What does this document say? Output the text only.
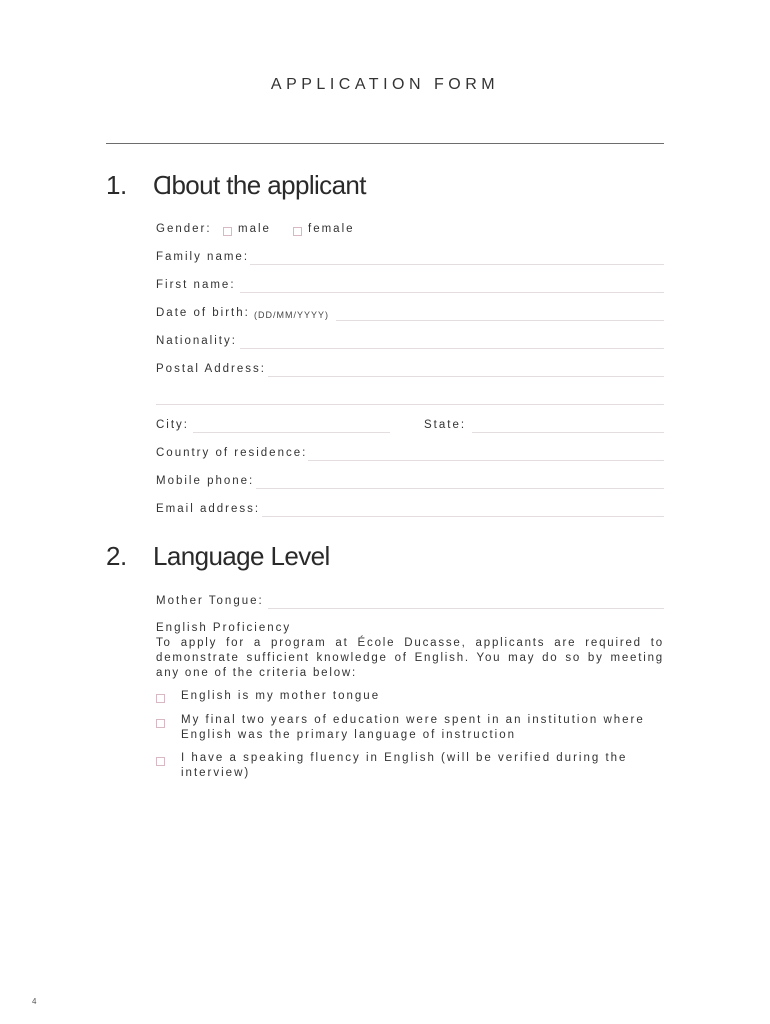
APPLICATION FORM
1. Ɑbout the applicant
Gender: male	female
Family name:
First name:
Date of birth: (DD/MM/YYYY)
Nationality:
Postal Address:
City:	State:
Country of residence:
Mobile phone:
Email address:
2. Language Level
Mother Tongue:
English Proficiency
To apply for a program at École Ducasse, applicants are required to
demonstrate sufficient knowledge of English. You may do so by meeting
any one of the criteria below:
English is my mother tongue
My final two years of education were spent in an institution where
English was the primary language of instruction
I have a speaking fluency in English (will be verified during the
interview)
4
